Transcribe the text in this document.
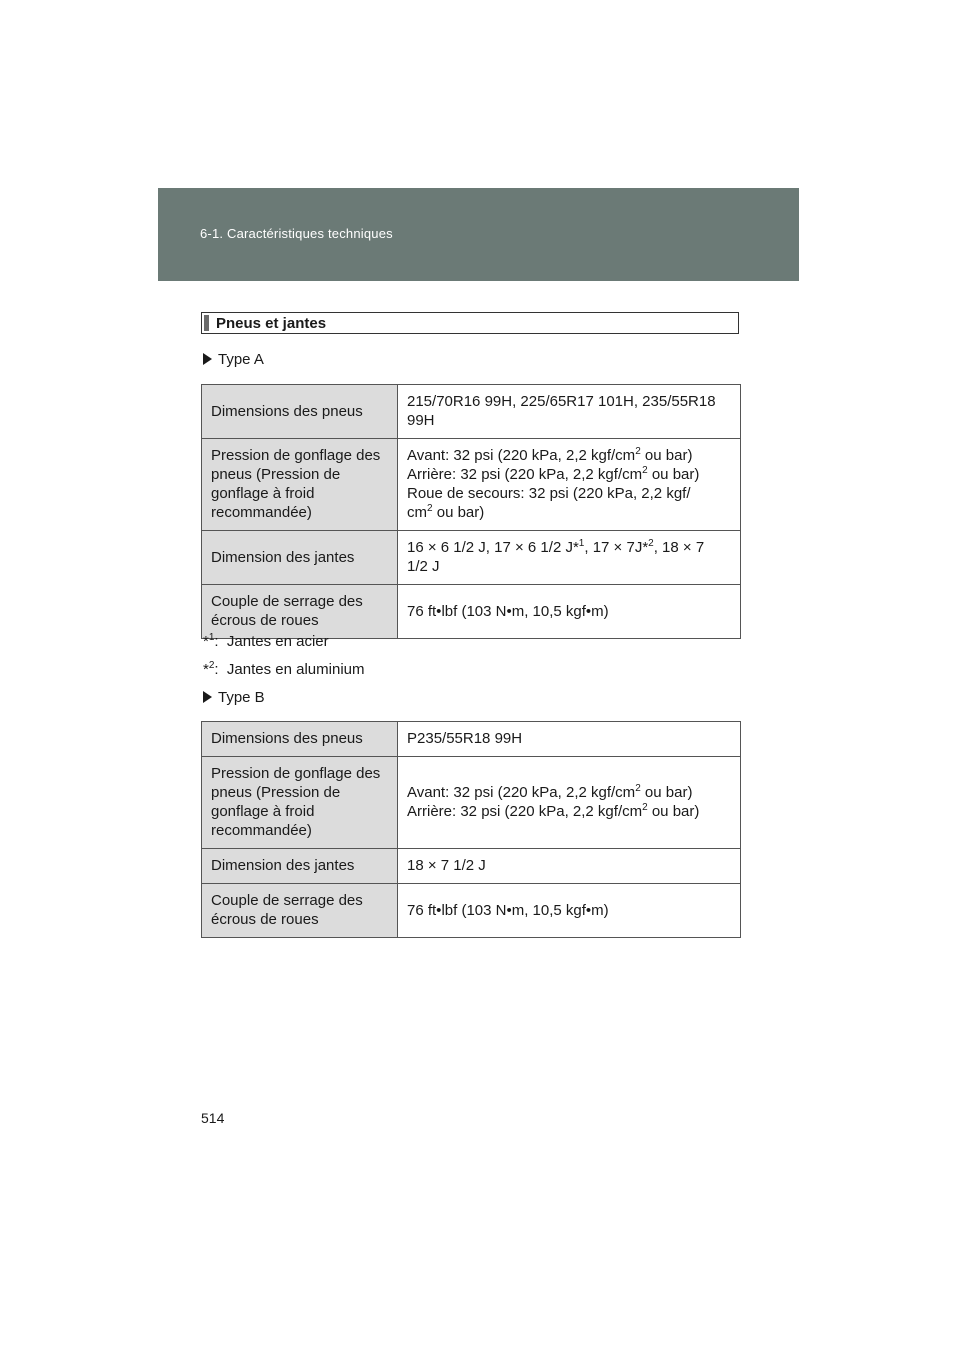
6-1. Caractéristiques techniques
Pneus et jantes
Type A
Dimensions des pneus	215/70R16 99H, 225/65R17 101H, 235/55R18 99H
Pression de gonflage des pneus (Pression de gonflage à froid recommandée)	Avant: 32 psi (220 kPa, 2,2 kgf/$cm^2$ ou bar)
Arrière: 32 psi (220 kPa, 2,2 kgf/$cm^2$ ou bar)
Roue de secours: 32 psi (220 kPa, 2,2 kgf/
$cm^2$ ou bar)
Dimension des jantes	16 × 6 1/2 J, 17 × 6 1/2 J*$^1$, 17 × 7J*$^2$, 18 × 7
1/2 J
Couple de serrage des écrous de roues	76 ft•lbf (103 N•m, 10,5 kgf•m)
*$^1$: Jantes en acier
*$^2$: Jantes en aluminium
Type B
Dimensions des pneus	P235/55R18 99H
Pression de gonflage des pneus (Pression de gonflage à froid recommandée)	Avant: 32 psi (220 kPa, 2,2 kgf/$cm^2$ ou bar)
Arrière: 32 psi (220 kPa, 2,2 kgf/$cm^2$ ou bar)
Dimension des jantes	18 × 7 1/2 J
Couple de serrage des écrous de roues	76 ft•lbf (103 N•m, 10,5 kgf•m)
514
